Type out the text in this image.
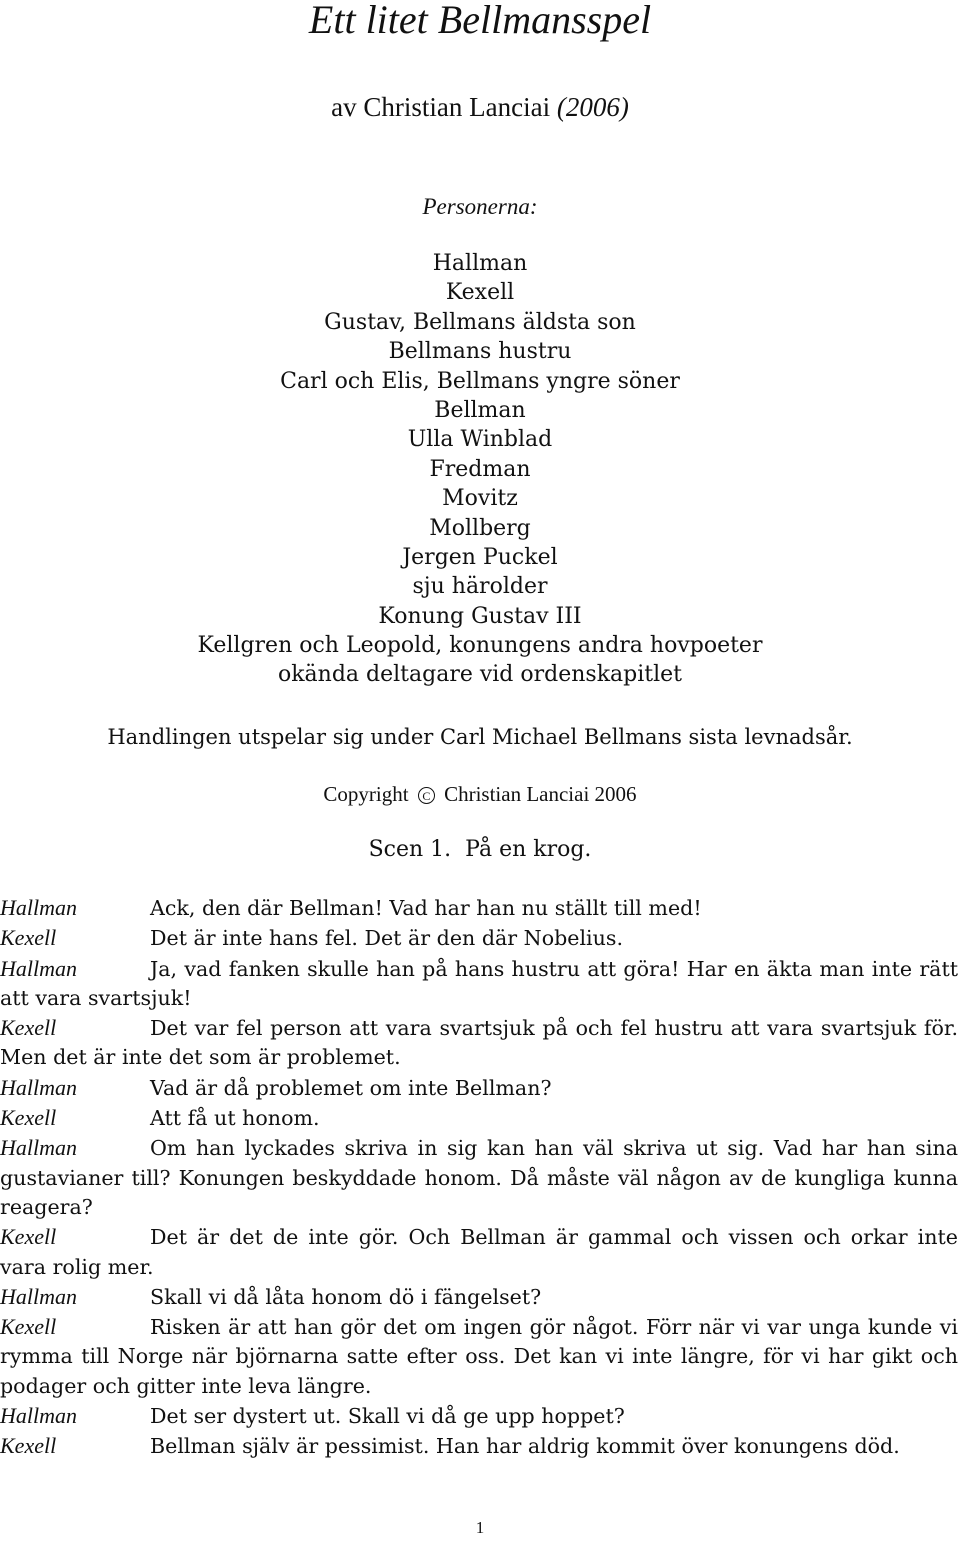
Ett litet Bellmansspel
av Christian Lanciai (2006)
Personerna:
Hallman
Kexell
Gustav, Bellmans äldsta son
Bellmans hustru
Carl och Elis, Bellmans yngre söner
Bellman
Ulla Winblad
Fredman
Movitz
Mollberg
Jergen Puckel
sju härolder
Konung Gustav III
Kellgren och Leopold, konungens andra hovpoeter
okända deltagare vid ordenskapitlet
Handlingen utspelar sig under Carl Michael Bellmans sista levnadsår.
Copyright C Christian Lanciai 2006
Scen 1. På en krog.

Hallman	Ack, den där Bellman! Vad har han nu ställt till med!

Kexell	Det är inte hans fel. Det är den där Nobelius.

Hallman	Ja, vad fanken skulle han på hans hustru att göra! Har en äkta man inte rätt att vara svartsjuk!

Kexell	Det var fel person att vara svartsjuk på och fel hustru att vara svartsjuk för. Men det är inte det som är problemet.

Hallman	Vad är då problemet om inte Bellman?

Kexell	Att få ut honom.

Hallman	Om han lyckades skriva in sig kan han väl skriva ut sig. Vad har han sina gustavianer till? Konungen beskyddade honom. Då måste väl någon av de kungliga kunna reagera?

Kexell	Det är det de inte gör. Och Bellman är gammal och vissen och orkar inte vara rolig mer.

Hallman	Skall vi då låta honom dö i fängelset?

Kexell	Risken är att han gör det om ingen gör något. Förr när vi var unga kunde vi rymma till Norge när björnarna satte efter oss. Det kan vi inte längre, för vi har gikt och podager och gitter inte leva längre.

Hallman	Det ser dystert ut. Skall vi då ge upp hoppet?

Kexell	Bellman själv är pessimist. Han har aldrig kommit över konungens död.

1
